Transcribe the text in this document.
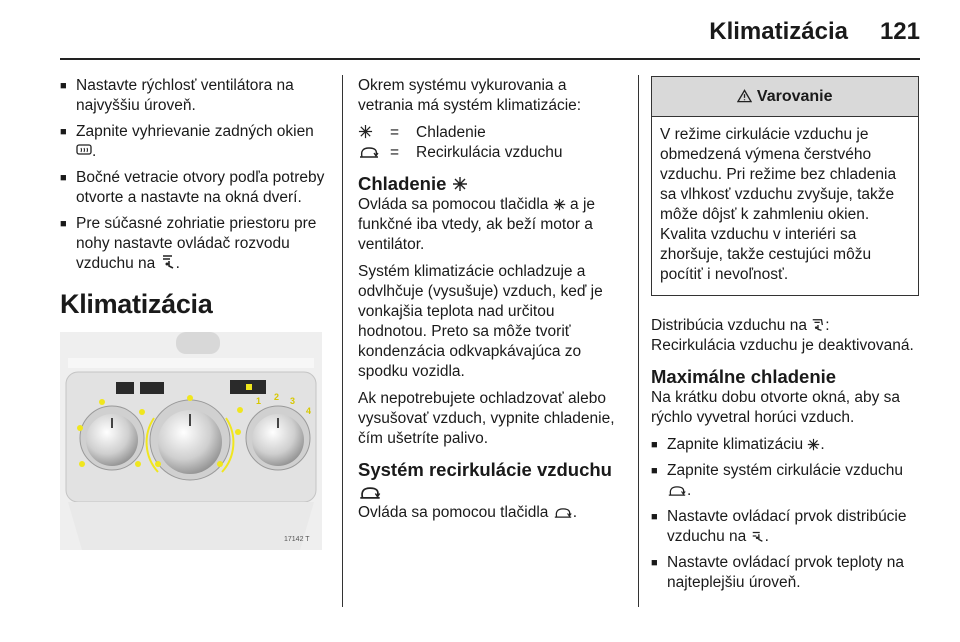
Klimatizácia 121
■ Nastavte rýchlosť ventilátora na najvyššiu úroveň.
■ Zapnite vyhrievanie zadných okien
.
■ Bočné vetracie otvory podľa potreby otvorte a nastavte na okná dverí.
■ Pre súčasné zohriatie priestoru pre nohy nastavte ovládač rozvodu vzduchu na .
Klimatizácia
1 2 3
4
17142 T
Okrem systému vykurovania a vetrania má systém klimatizácie:
=	Chladenie
=	Recirkulácia vzduchu
Chladenie
Ovláda sa pomocou tlačidla a je funkčné iba vtedy, ak beží motor a ventilátor.
Systém klimatizácie ochladzuje a odvlhčuje (vysušuje) vzduch, keď je vonkajšia teplota nad určitou hodnotou. Preto sa môže tvoriť kondenzácia odkvapkávajúca zo spodku vozidla.
Ak nepotrebujete ochladzovať alebo vysušovať vzduch, vypnite chladenie, čím ušetríte palivo.
Systém recirkulácie vzduchu
Ovláda sa pomocou tlačidla .
Varovanie
V režime cirkulácie vzduchu je obmedzená výmena čerstvého vzduchu. Pri režime bez chladenia sa vlhkosť vzduchu zvyšuje, takže môže dôjsť k zahmleniu okien. Kvalita vzduchu v interiéri sa zhoršuje, takže cestujúci môžu pocítiť i nevoľnosť.
Distribúcia vzduchu na :
Recirkulácia vzduchu je deaktivovaná.
Maximálne chladenie
Na krátku dobu otvorte okná, aby sa rýchlo vyvetral horúci vzduch.
■ Zapnite klimatizáciu .
■ Zapnite systém cirkulácie vzduchu
.
■ Nastavte ovládací prvok distribúcie vzduchu na .
■ Nastavte ovládací prvok teploty na najteplejšiu úroveň.
